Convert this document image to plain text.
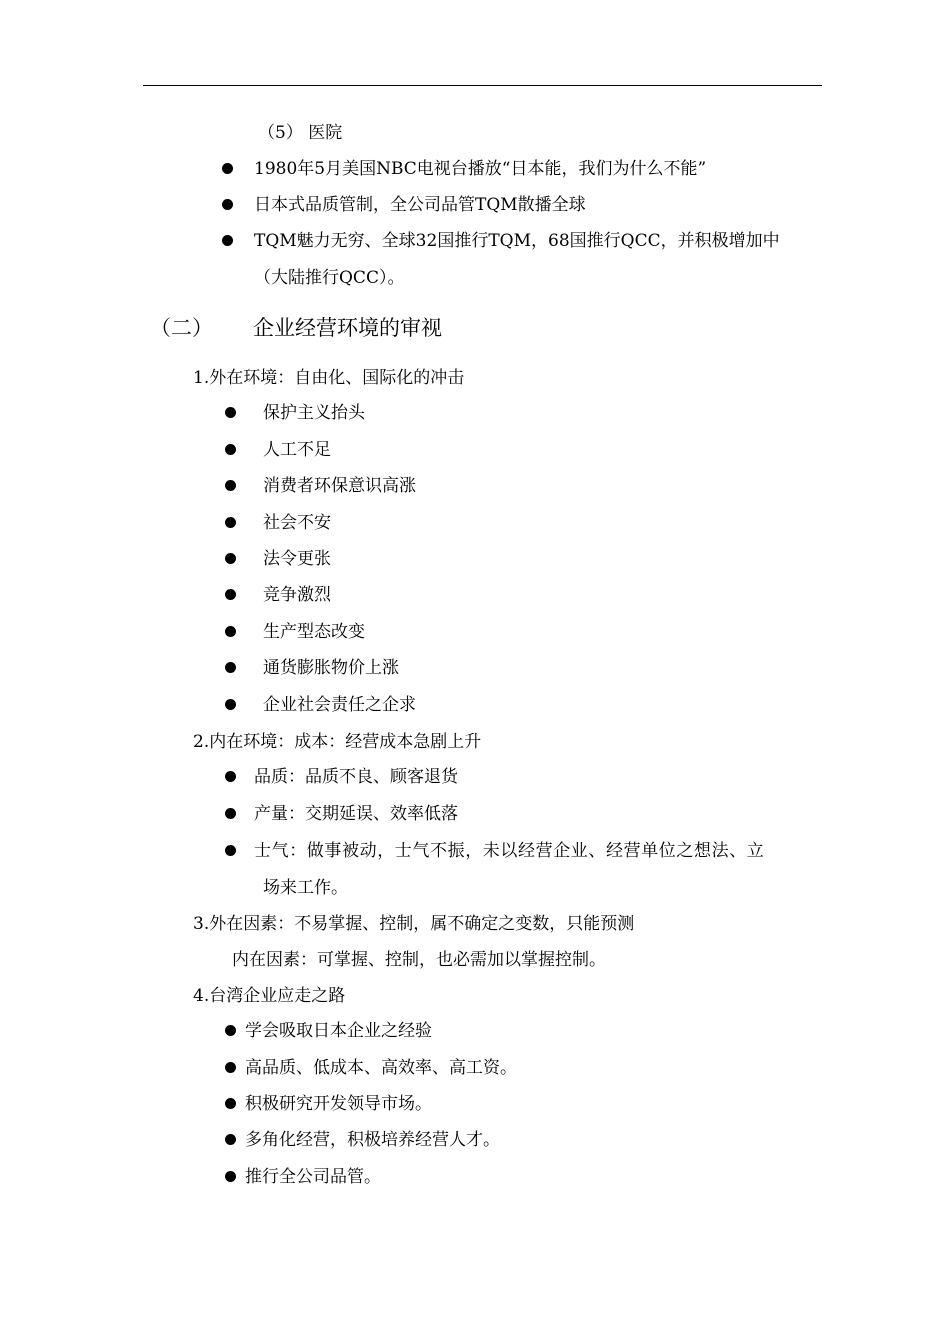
（5） 医院
1980年5月美国NBC电视台播放“日本能，我们为什么不能”
日本式品质管制，全公司品管TQM散播全球
TQM魅力无穷、全球32国推行TQM，68国推行QCC，并积极增加中
（大陆推行QCC）。
（二） 企业经营环境的审视
1.外在环境：自由化、国际化的冲击
保护主义抬头
人工不足
消费者环保意识高涨
社会不安
法令更张
竞争激烈
生产型态改变
通货膨胀物价上涨
企业社会责任之企求
2.内在环境：成本：经营成本急剧上升
品质：品质不良、顾客退货
产量：交期延误、效率低落
士气：做事被动，士气不振，未以经营企业、经营单位之想法、立
场来工作。
3.外在因素：不易掌握、控制，属不确定之变数，只能预测
内在因素：可掌握、控制，也必需加以掌握控制。
4.台湾企业应走之路
学会吸取日本企业之经验
高品质、低成本、高效率、高工资。
积极研究开发领导市场。
多角化经营，积极培养经营人才。
推行全公司品管。
